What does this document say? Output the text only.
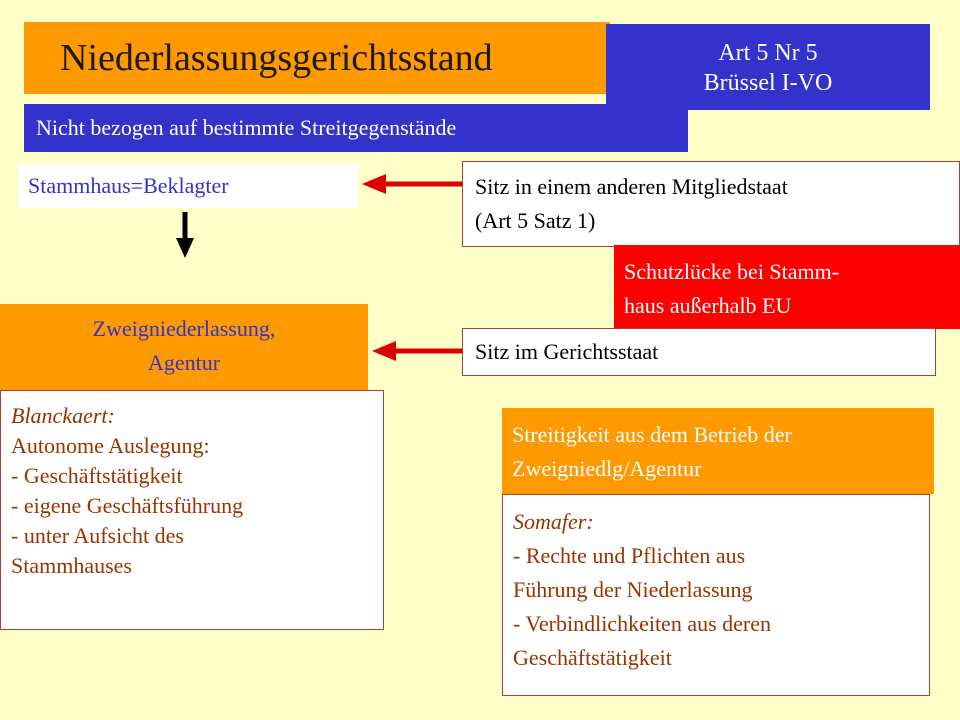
Niederlassungsgerichtsstand	Art 5 Nr 5
Brüssel I-VO
Nicht bezogen auf bestimmte Streitgegenstände
Stammhaus=Beklagter	Sitz in einem anderen Mitgliedstaat
(Art 5 Satz 1)
Schutzlücke bei Stamm-
haus außerhalb EU
Zweigniederlassung,
Agentur	Sitz im Gerichtsstaat
Blanckaert:
Autonome Auslegung:
- Geschäftstätigkeit
- eigene Geschäftsführung
- unter Aufsicht des
Stammhauses
Streitigkeit aus dem Betrieb der
Zweigniedlg/Agentur
Somafer:
- Rechte und Pflichten aus
Führung der Niederlassung
- Verbindlichkeiten aus deren
Geschäftstätigkeit
